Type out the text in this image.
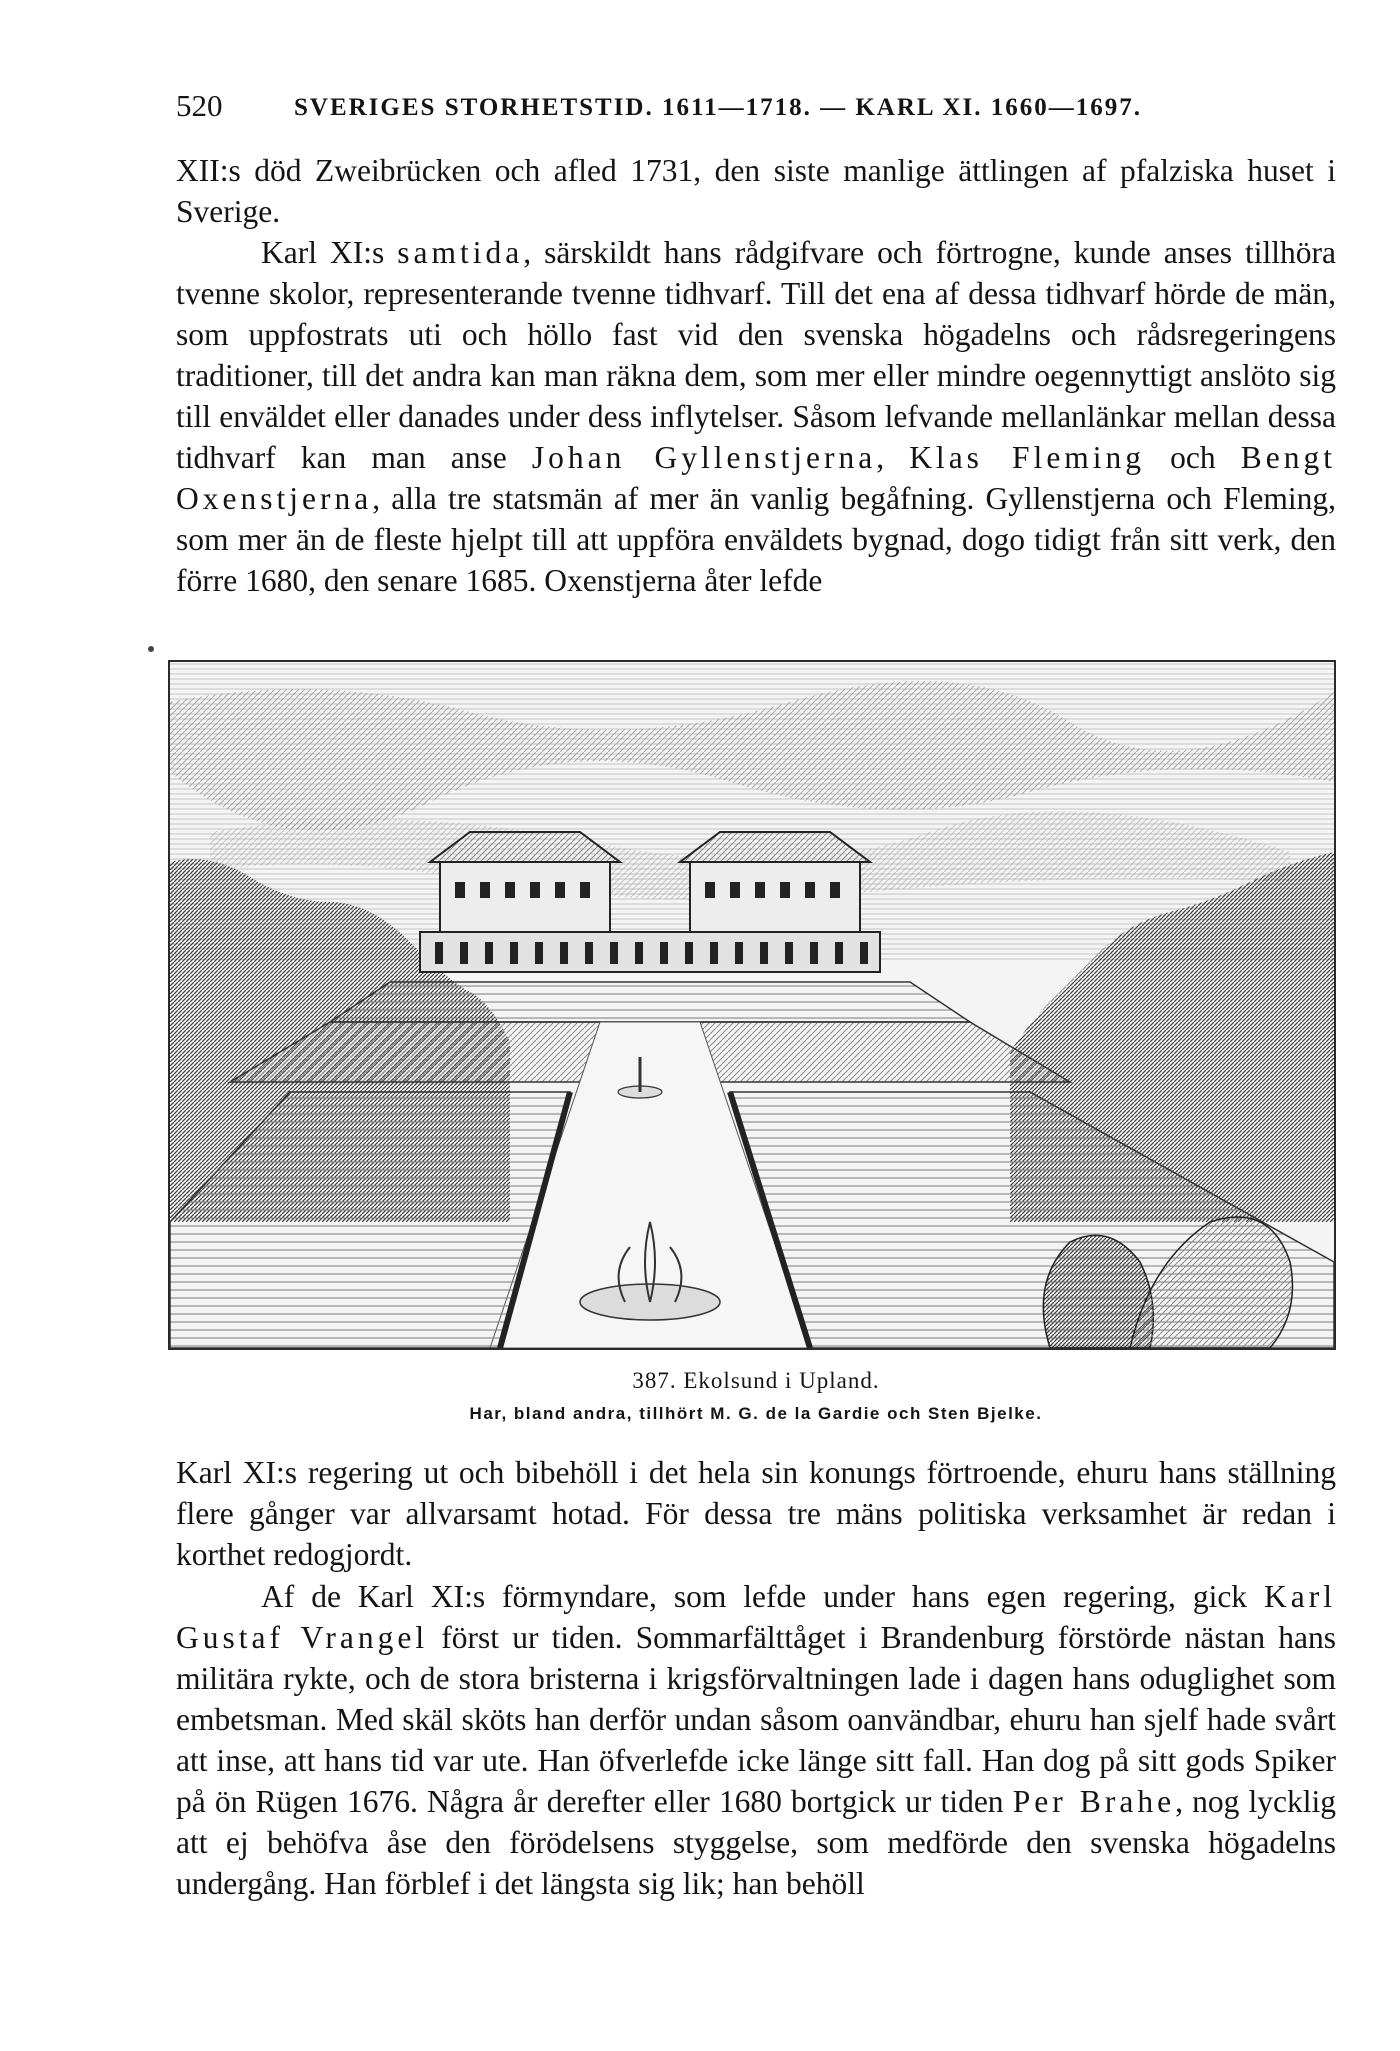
520	SVERIGES STORHETSTID. 1611—1718. — KARL XI. 1660—1697.

XII:s död Zweibrücken och afled 1731, den siste manlige ättlingen af pfalziska huset i Sverige.

Karl XI:s samtida, särskildt hans rådgifvare och förtrogne, kunde anses tillhöra tvenne skolor, representerande tvenne tidhvarf. Till det ena af dessa tidhvarf hörde de män, som uppfostrats uti och höllo fast vid den svenska högadelns och rådsregeringens traditioner, till det andra kan man räkna dem, som mer eller mindre oegennyttigt anslöto sig till enväldet eller danades under dess inflytelser. Såsom lefvande mellanlänkar mellan dessa tidhvarf kan man anse Johan Gyllenstjerna, Klas Fleming och Bengt Oxenstjerna, alla tre statsmän af mer än vanlig begåfning. Gyllenstjerna och Fleming, som mer än de fleste hjelpt till att uppföra enväldets bygnad, dogo tidigt från sitt verk, den förre 1680, den senare 1685. Oxenstjerna åter lefde

387. Ekolsund i Upland.
Har, bland andra, tillhört M. G. de la Gardie och Sten Bjelke.

Karl XI:s regering ut och bibehöll i det hela sin konungs förtroende, ehuru hans ställning flere gånger var allvarsamt hotad. För dessa tre mäns politiska verksamhet är redan i korthet redogjordt.

Af de Karl XI:s förmyndare, som lefde under hans egen regering, gick Karl Gustaf Vrangel först ur tiden. Sommarfälttåget i Brandenburg förstörde nästan hans militära rykte, och de stora bristerna i krigsförvaltningen lade i dagen hans oduglighet som embetsman. Med skäl sköts han derför undan såsom oanvändbar, ehuru han sjelf hade svårt att inse, att hans tid var ute. Han öfverlefde icke länge sitt fall. Han dog på sitt gods Spiker på ön Rügen 1676. Några år derefter eller 1680 bortgick ur tiden Per Brahe, nog lycklig att ej behöfva åse den förödelsens styggelse, som medförde den svenska högadelns undergång. Han förblef i det längsta sig lik; han behöll
